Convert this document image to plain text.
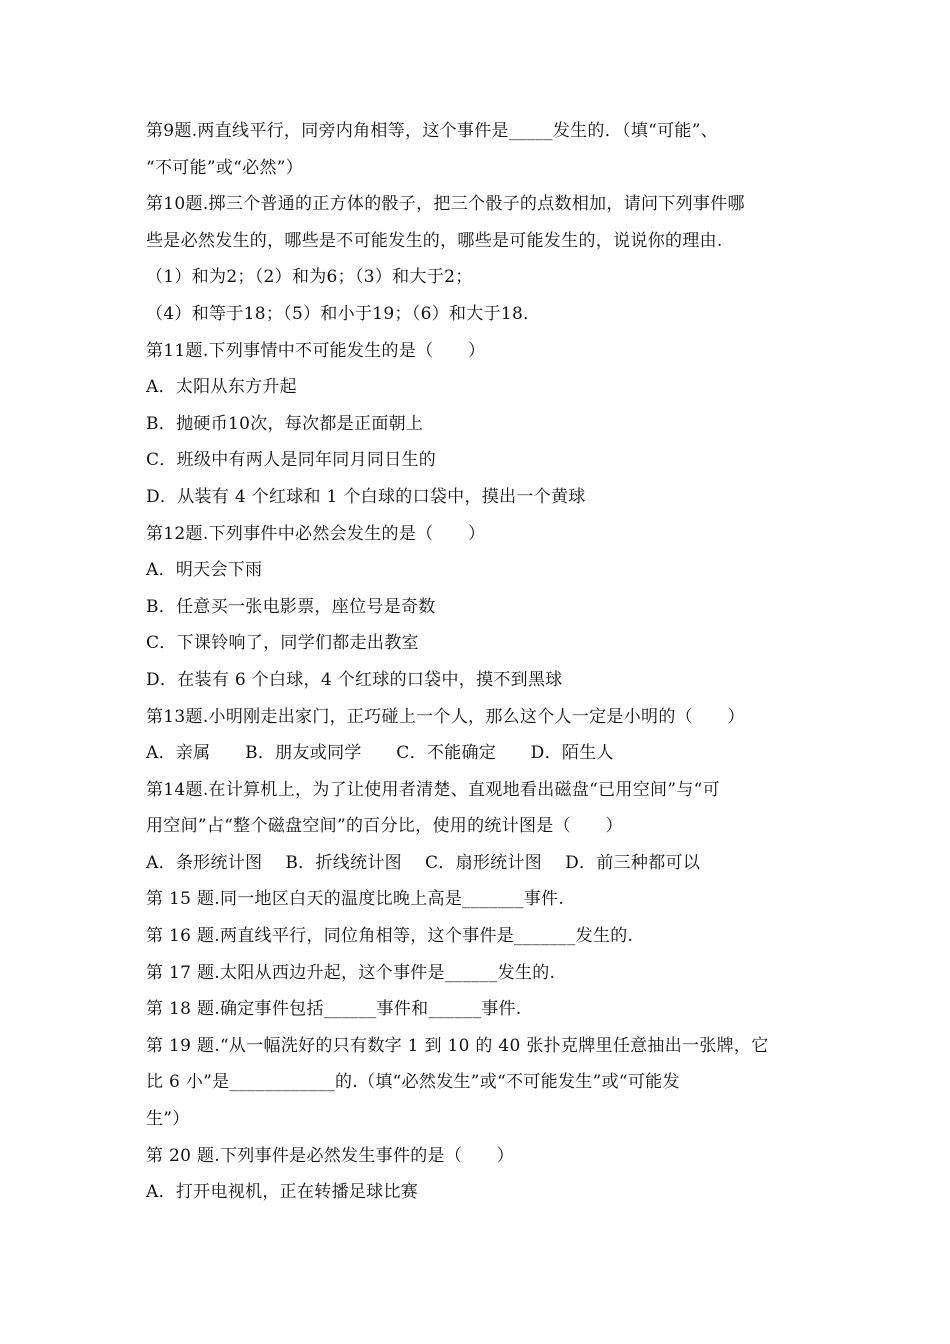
第9题.两直线平行，同旁内角相等，这个事件是_____发生的．（填“可能”、
“不可能”或“必然”）
第10题.掷三个普通的正方体的骰子，把三个骰子的点数相加，请问下列事件哪
些是必然发生的，哪些是不可能发生的，哪些是可能发生的，说说你的理由.
（1）和为2；（2）和为6；（3）和大于2；
（4）和等于18；（5）和小于19；（6）和大于18．
第11题.下列事情中不可能发生的是（　　）
A．太阳从东方升起
B．抛硬币10次，每次都是正面朝上
C．班级中有两人是同年同月同日生的
D．从装有 4 个红球和 1 个白球的口袋中，摸出一个黄球
第12题.下列事件中必然会发生的是（　　）
A．明天会下雨
B．任意买一张电影票，座位号是奇数
C．下课铃响了，同学们都走出教室
D．在装有 6 个白球，4 个红球的口袋中，摸不到黑球
第13题.小明刚走出家门，正巧碰上一个人，那么这个人一定是小明的（　　）
A．亲属　　B．朋友或同学　　C．不能确定　　D．陌生人
第14题.在计算机上，为了让使用者清楚、直观地看出磁盘“已用空间”与“可
用空间”占“整个磁盘空间”的百分比，使用的统计图是（　　）
A．条形统计图　 B．折线统计图　 C．扇形统计图　 D．前三种都可以
第 15 题.同一地区白天的温度比晚上高是_______事件.
第 16 题.两直线平行，同位角相等，这个事件是_______发生的.
第 17 题.太阳从西边升起，这个事件是______发生的.
第 18 题.确定事件包括______事件和______事件.
第 19 题.“从一幅洗好的只有数字 1 到 10 的 40 张扑克牌里任意抽出一张牌，它
比 6 小”是____________的.（填“必然发生”或“不可能发生”或“可能发
生”）
第 20 题.下列事件是必然发生事件的是（　　）
A．打开电视机，正在转播足球比赛
